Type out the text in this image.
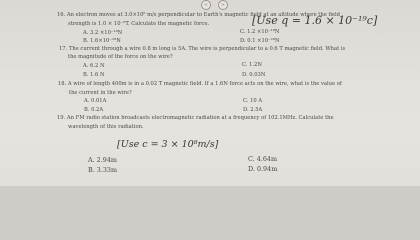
<	>
16. An electron moves at 3.0×10⁶ m/s perpendicular to Earth's magnetic field at an altitude where the field
strength is 1.0 × 10⁻⁵T. Calculate the magnetic force.	[Use q = 1.6 × 10⁻¹⁹c]
A. 3.2 ×10⁻¹⁸N
B. 1.6×10⁻¹⁸N
C. 1.2 ×10⁻¹⁸N
D. 0.1 ×10⁻¹⁸N
17. The current through a wire 0.8 m long is 5A. The wire is perpendicular to a 0.6 T magnetic field. What is
the magnitude of the force on the wire?
A. 6.2 N
B. 1.6 N
C. 1.2N
D. 0.03N
18. A wire of length 400m is in a 0.02 T magnetic field. If a 1.6N force acts on the wire, what is the value of
the current in the wire?
A. 0.01A
B. 0.2A
C. 10 A
D. 2.5A
19. An FM radio station broadcasts electromagnetic radiation at a frequency of 102.1MHz. Calculate the
wavelength of this radiation.
[Use c = 3 × 10⁸m/s]
A. 2.94m
B. 3.33m
C. 4.64m
D. 0.94m
